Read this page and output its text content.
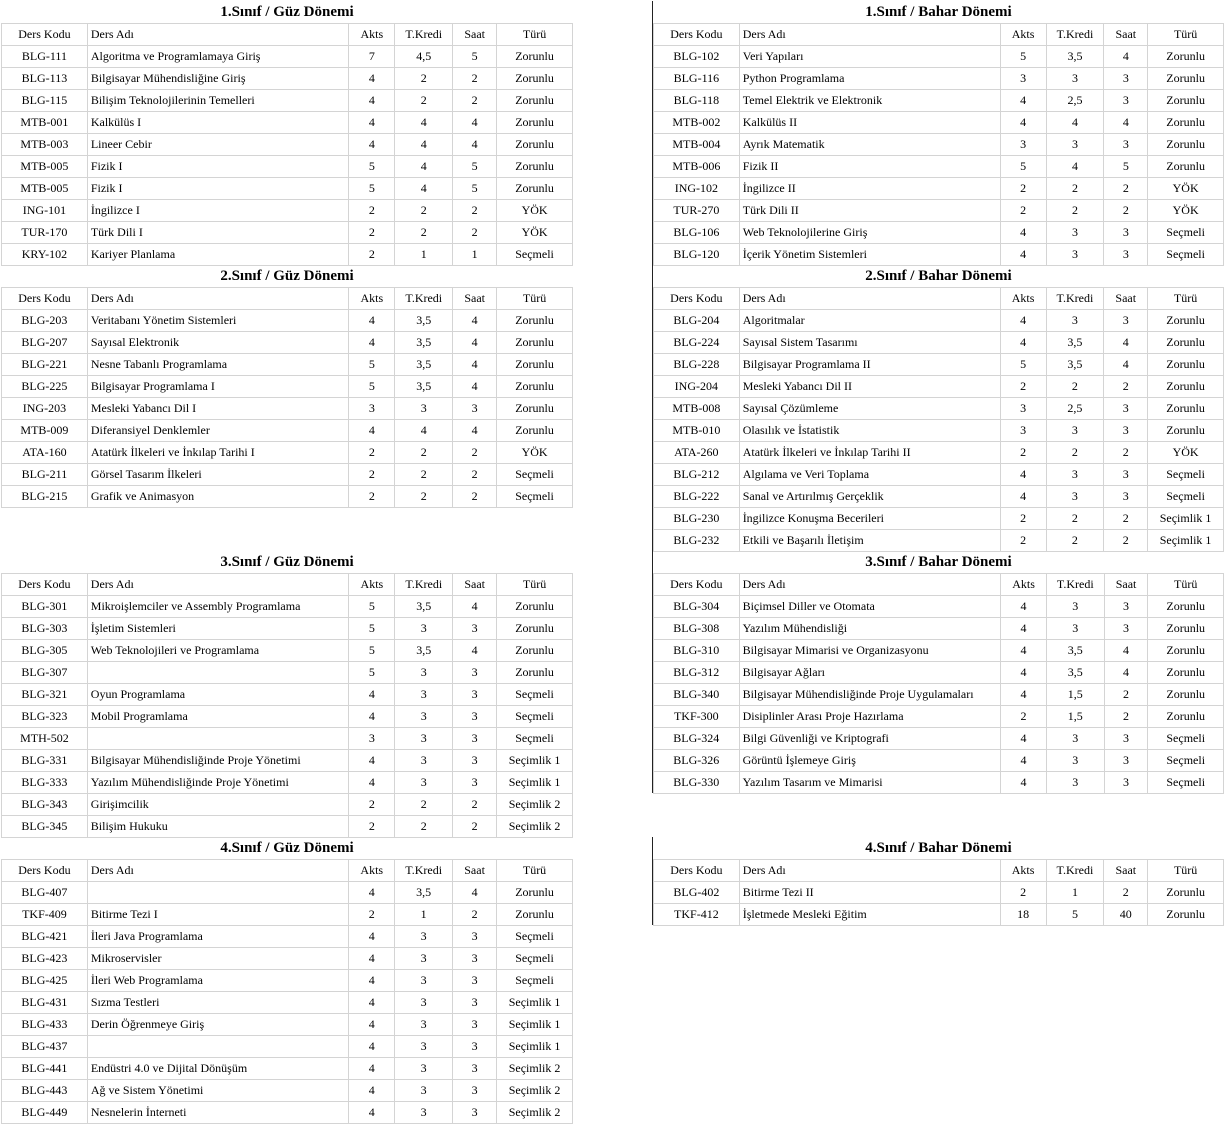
1.Sınıf / Güz Dönemi
Ders Kodu	Ders Adı	Akts	T.Kredi	Saat	Türü
BLG-111	Algoritma ve Programlamaya Giriş	7	4,5	5	Zorunlu
BLG-113	Bilgisayar Mühendisliğine Giriş	4	2	2	Zorunlu
BLG-115	Bilişim Teknolojilerinin Temelleri	4	2	2	Zorunlu
MTB-001	Kalkülüs I	4	4	4	Zorunlu
MTB-003	Lineer Cebir	4	4	4	Zorunlu
MTB-005	Fizik I	5	4	5	Zorunlu
MTB-005	Fizik I	5	4	5	Zorunlu
ING-101	İngilizce I	2	2	2	YÖK
TUR-170	Türk Dili I	2	2	2	YÖK
KRY-102	Kariyer Planlama	2	1	1	Seçmeli
1.Sınıf / Bahar Dönemi
Ders Kodu	Ders Adı	Akts	T.Kredi	Saat	Türü
BLG-102	Veri Yapıları	5	3,5	4	Zorunlu
BLG-116	Python Programlama	3	3	3	Zorunlu
BLG-118	Temel Elektrik ve Elektronik	4	2,5	3	Zorunlu
MTB-002	Kalkülüs II	4	4	4	Zorunlu
MTB-004	Ayrık Matematik	3	3	3	Zorunlu
MTB-006	Fizik II	5	4	5	Zorunlu
ING-102	İngilizce II	2	2	2	YÖK
TUR-270	Türk Dili II	2	2	2	YÖK
BLG-106	Web Teknolojilerine Giriş	4	3	3	Seçmeli
BLG-120	İçerik Yönetim Sistemleri	4	3	3	Seçmeli
2.Sınıf / Güz Dönemi
Ders Kodu	Ders Adı	Akts	T.Kredi	Saat	Türü
BLG-203	Veritabanı Yönetim Sistemleri	4	3,5	4	Zorunlu
BLG-207	Sayısal Elektronik	4	3,5	4	Zorunlu
BLG-221	Nesne Tabanlı Programlama	5	3,5	4	Zorunlu
BLG-225	Bilgisayar Programlama I	5	3,5	4	Zorunlu
ING-203	Mesleki Yabancı Dil I	3	3	3	Zorunlu
MTB-009	Diferansiyel Denklemler	4	4	4	Zorunlu
ATA-160	Atatürk İlkeleri ve İnkılap Tarihi I	2	2	2	YÖK
BLG-211	Görsel Tasarım İlkeleri	2	2	2	Seçmeli
BLG-215	Grafik ve Animasyon	2	2	2	Seçmeli
2.Sınıf / Bahar Dönemi
Ders Kodu	Ders Adı	Akts	T.Kredi	Saat	Türü
BLG-204	Algoritmalar	4	3	3	Zorunlu
BLG-224	Sayısal Sistem Tasarımı	4	3,5	4	Zorunlu
BLG-228	Bilgisayar Programlama II	5	3,5	4	Zorunlu
ING-204	Mesleki Yabancı Dil II	2	2	2	Zorunlu
MTB-008	Sayısal Çözümleme	3	2,5	3	Zorunlu
MTB-010	Olasılık ve İstatistik	3	3	3	Zorunlu
ATA-260	Atatürk İlkeleri ve İnkılap Tarihi II	2	2	2	YÖK
BLG-212	Algılama ve Veri Toplama	4	3	3	Seçmeli
BLG-222	Sanal ve Artırılmış Gerçeklik	4	3	3	Seçmeli
BLG-230	İngilizce Konuşma Becerileri	2	2	2	Seçimlik 1
BLG-232	Etkili ve Başarılı İletişim	2	2	2	Seçimlik 1
3.Sınıf / Güz Dönemi
Ders Kodu	Ders Adı	Akts	T.Kredi	Saat	Türü
BLG-301	Mikroişlemciler ve Assembly Programlama	5	3,5	4	Zorunlu
BLG-303	İşletim Sistemleri	5	3	3	Zorunlu
BLG-305	Web Teknolojileri ve Programlama	5	3,5	4	Zorunlu
BLG-307		5	3	3	Zorunlu
BLG-321	Oyun Programlama	4	3	3	Seçmeli
BLG-323	Mobil Programlama	4	3	3	Seçmeli
MTH-502		3	3	3	Seçmeli
BLG-331	Bilgisayar Mühendisliğinde Proje Yönetimi	4	3	3	Seçimlik 1
BLG-333	Yazılım Mühendisliğinde Proje Yönetimi	4	3	3	Seçimlik 1
BLG-343	Girişimcilik	2	2	2	Seçimlik 2
BLG-345	Bilişim Hukuku	2	2	2	Seçimlik 2
3.Sınıf / Bahar Dönemi
Ders Kodu	Ders Adı	Akts	T.Kredi	Saat	Türü
BLG-304	Biçimsel Diller ve Otomata	4	3	3	Zorunlu
BLG-308	Yazılım Mühendisliği	4	3	3	Zorunlu
BLG-310	Bilgisayar Mimarisi ve Organizasyonu	4	3,5	4	Zorunlu
BLG-312	Bilgisayar Ağları	4	3,5	4	Zorunlu
BLG-340	Bilgisayar Mühendisliğinde Proje Uygulamaları	4	1,5	2	Zorunlu
TKF-300	Disiplinler Arası Proje Hazırlama	2	1,5	2	Zorunlu
BLG-324	Bilgi Güvenliği ve Kriptografi	4	3	3	Seçmeli
BLG-326	Görüntü İşlemeye Giriş	4	3	3	Seçmeli
BLG-330	Yazılım Tasarım ve Mimarisi	4	3	3	Seçmeli
4.Sınıf / Güz Dönemi
Ders Kodu	Ders Adı	Akts	T.Kredi	Saat	Türü
BLG-407		4	3,5	4	Zorunlu
TKF-409	Bitirme Tezi I	2	1	2	Zorunlu
BLG-421	İleri Java Programlama	4	3	3	Seçmeli
BLG-423	Mikroservisler	4	3	3	Seçmeli
BLG-425	İleri Web Programlama	4	3	3	Seçmeli
BLG-431	Sızma Testleri	4	3	3	Seçimlik 1
BLG-433	Derin Öğrenmeye Giriş	4	3	3	Seçimlik 1
BLG-437		4	3	3	Seçimlik 1
BLG-441	Endüstri 4.0 ve Dijital Dönüşüm	4	3	3	Seçimlik 2
BLG-443	Ağ ve Sistem Yönetimi	4	3	3	Seçimlik 2
BLG-449	Nesnelerin İnterneti	4	3	3	Seçimlik 2
4.Sınıf / Bahar Dönemi
Ders Kodu	Ders Adı	Akts	T.Kredi	Saat	Türü
BLG-402	Bitirme Tezi II	2	1	2	Zorunlu
TKF-412	İşletmede Mesleki Eğitim	18	5	40	Zorunlu
